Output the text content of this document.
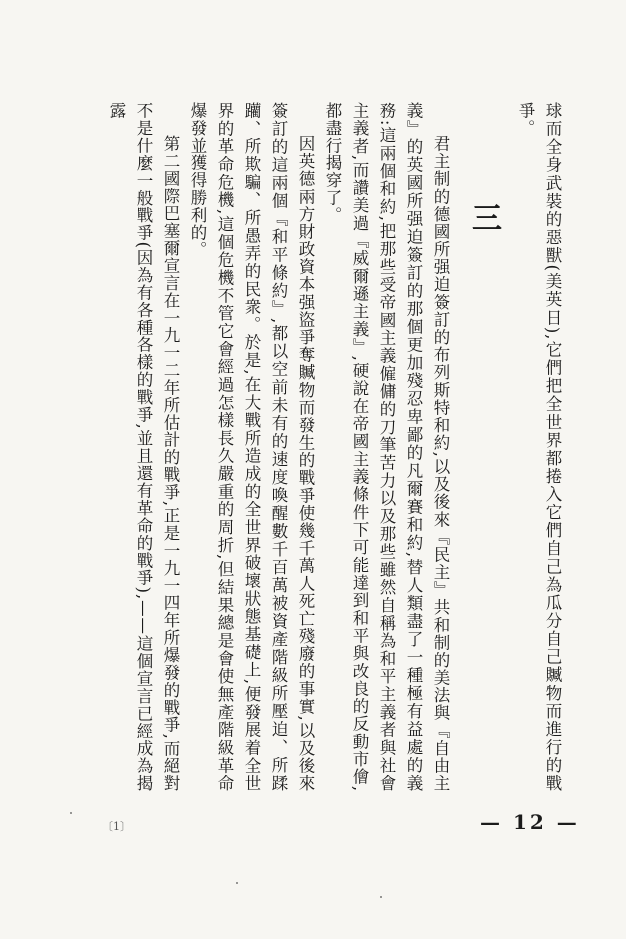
球而全身武裝的惡獸(美英日),它們把全世界都捲入它們自己為瓜分自己贓物而進行的戰爭。

三

君主制的德國所强迫簽訂的布列斯特和約,以及後來『民主』共和制的美法與『自由主義』的英國所强迫簽訂的那個更加殘忍卑鄙的凡爾賽和約,替人類盡了一種極有益處的義務:這兩個和約,把那些受帝國主義僱傭的刀筆苦力以及那些雖然自稱為和平主義者與社會主義者,而讚美過『威爾遜主義』,硬說在帝國主義條件下可能達到和平與改良的反動市儈,都盡行揭穿了。

因英德兩方財政資本强盜爭奪贓物而發生的戰爭使幾千萬人死亡殘廢的事實,以及後來簽訂的這兩個『和平條約』,都以空前未有的速度喚醒數千百萬被資產階級所壓迫、所蹂躪、所欺騙、所愚弄的民衆。於是,在大戰所造成的全世界破壞狀態基礎上,便發展着全世界的革命危機,這個危機不管它會經過怎樣長久嚴重的周折,但結果總是會使無產階級革命爆發並獲得勝利的。

第二國際巴塞爾宣言在一九一二年所估計的戰爭,正是一九一四年所爆發的戰爭,而絕對不是什麼一般戰爭(因為有各種各樣的戰爭,並且還有革命的戰爭),——這個宣言已經成為揭露

— 12 —
〔1〕
